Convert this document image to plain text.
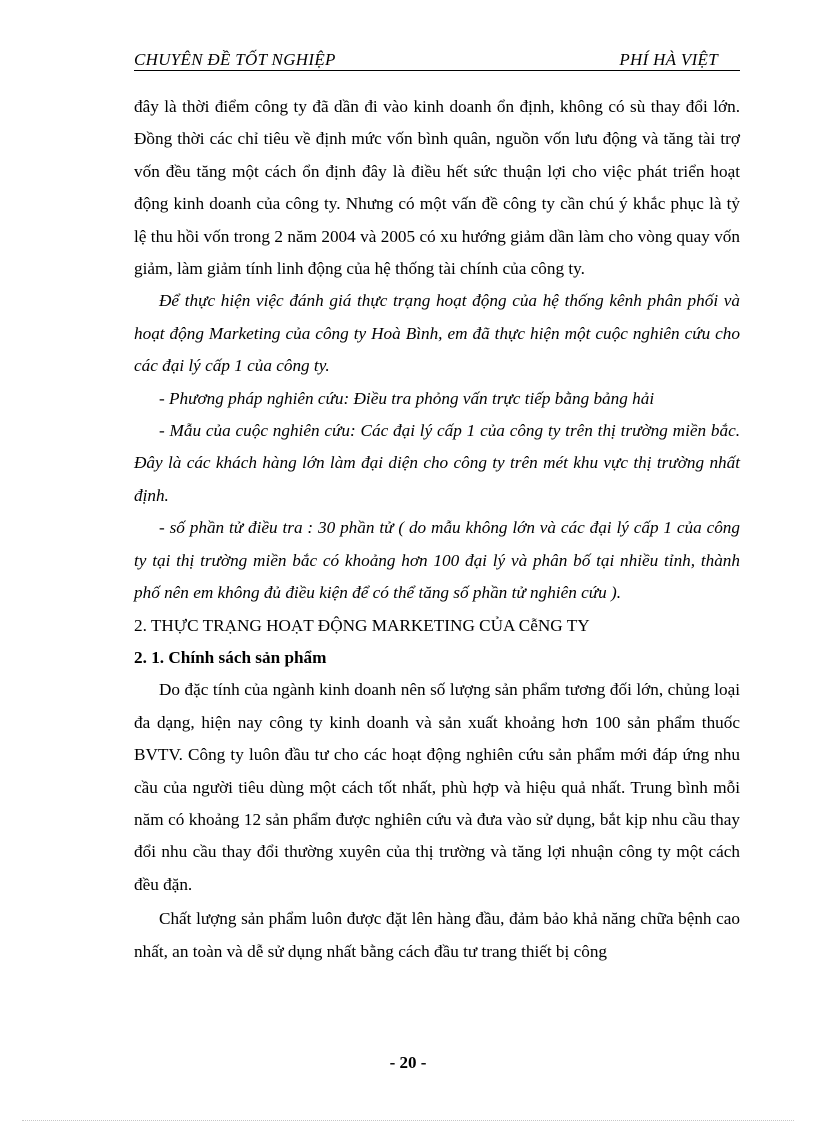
CHUYÊN ĐỀ TỐT NGHIỆP	PHÍ HÀ VIỆT

đây là thời điểm công ty đã dần đi vào kinh doanh ổn định, không có sù thay đổi lớn. Đồng thời các chỉ tiêu về định mức vốn bình quân, nguồn vốn lưu động và tăng tài trợ vốn đều tăng một cách ổn định đây là điều hết sức thuận lợi cho việc phát triển hoạt động kinh doanh của công ty. Nhưng có một vấn đề công ty cần chú ý khắc phục là tỷ lệ thu hồi vốn trong 2 năm 2004 và 2005 có xu hướng giảm dần làm cho vòng quay vốn giảm, làm giảm tính linh động của hệ thống tài chính của công ty.

Để thực hiện việc đánh giá thực trạng hoạt động của hệ thống kênh phân phối và hoạt động Marketing của công ty Hoà Bình, em đã thực hiện một cuộc nghiên cứu cho các đại lý cấp 1 của công ty.

- Phương pháp nghiên cứu: Điều tra phỏng vấn trực tiếp bằng bảng hải

- Mẫu của cuộc nghiên cứu: Các đại lý cấp 1 của công ty trên thị trường miền bắc. Đây là các khách hàng lớn làm đại diện cho công ty trên mét khu vực thị trường nhất định.

- số phần tử điều tra : 30 phần tử ( do mẫu không lớn và các đại lý cấp 1 của công ty tại thị trường miền bắc có khoảng hơn 100 đại lý và phân bố tại nhiều tỉnh, thành phố nên em không đủ điều kiện để có thể tăng số phần tử nghiên cứu ).

2. THỰC TRẠNG HOẠT ĐỘNG MARKETING CỦA CễNG TY

2. 1. Chính sách sản phẩm

Do đặc tính của ngành kinh doanh nên số lượng sản phẩm tương đối lớn, chủng loại đa dạng, hiện nay công ty kinh doanh và sản xuất khoảng hơn 100 sản phẩm thuốc BVTV. Công ty luôn đầu tư cho các hoạt động nghiên cứu sản phẩm mới đáp ứng nhu cầu của người tiêu dùng một cách tốt nhất, phù hợp và hiệu quả nhất. Trung bình mỗi năm có khoảng 12 sản phẩm được nghiên cứu và đưa vào sử dụng, bắt kịp nhu cầu thay đổi nhu cầu thay đổi thường xuyên của thị trường và tăng lợi nhuận công ty một cách đều đặn.

Chất lượng sản phẩm luôn được đặt lên hàng đầu, đảm bảo khả năng chữa bệnh cao nhất, an toàn và dễ sử dụng nhất bằng cách đầu tư trang thiết bị công

- 20 -
